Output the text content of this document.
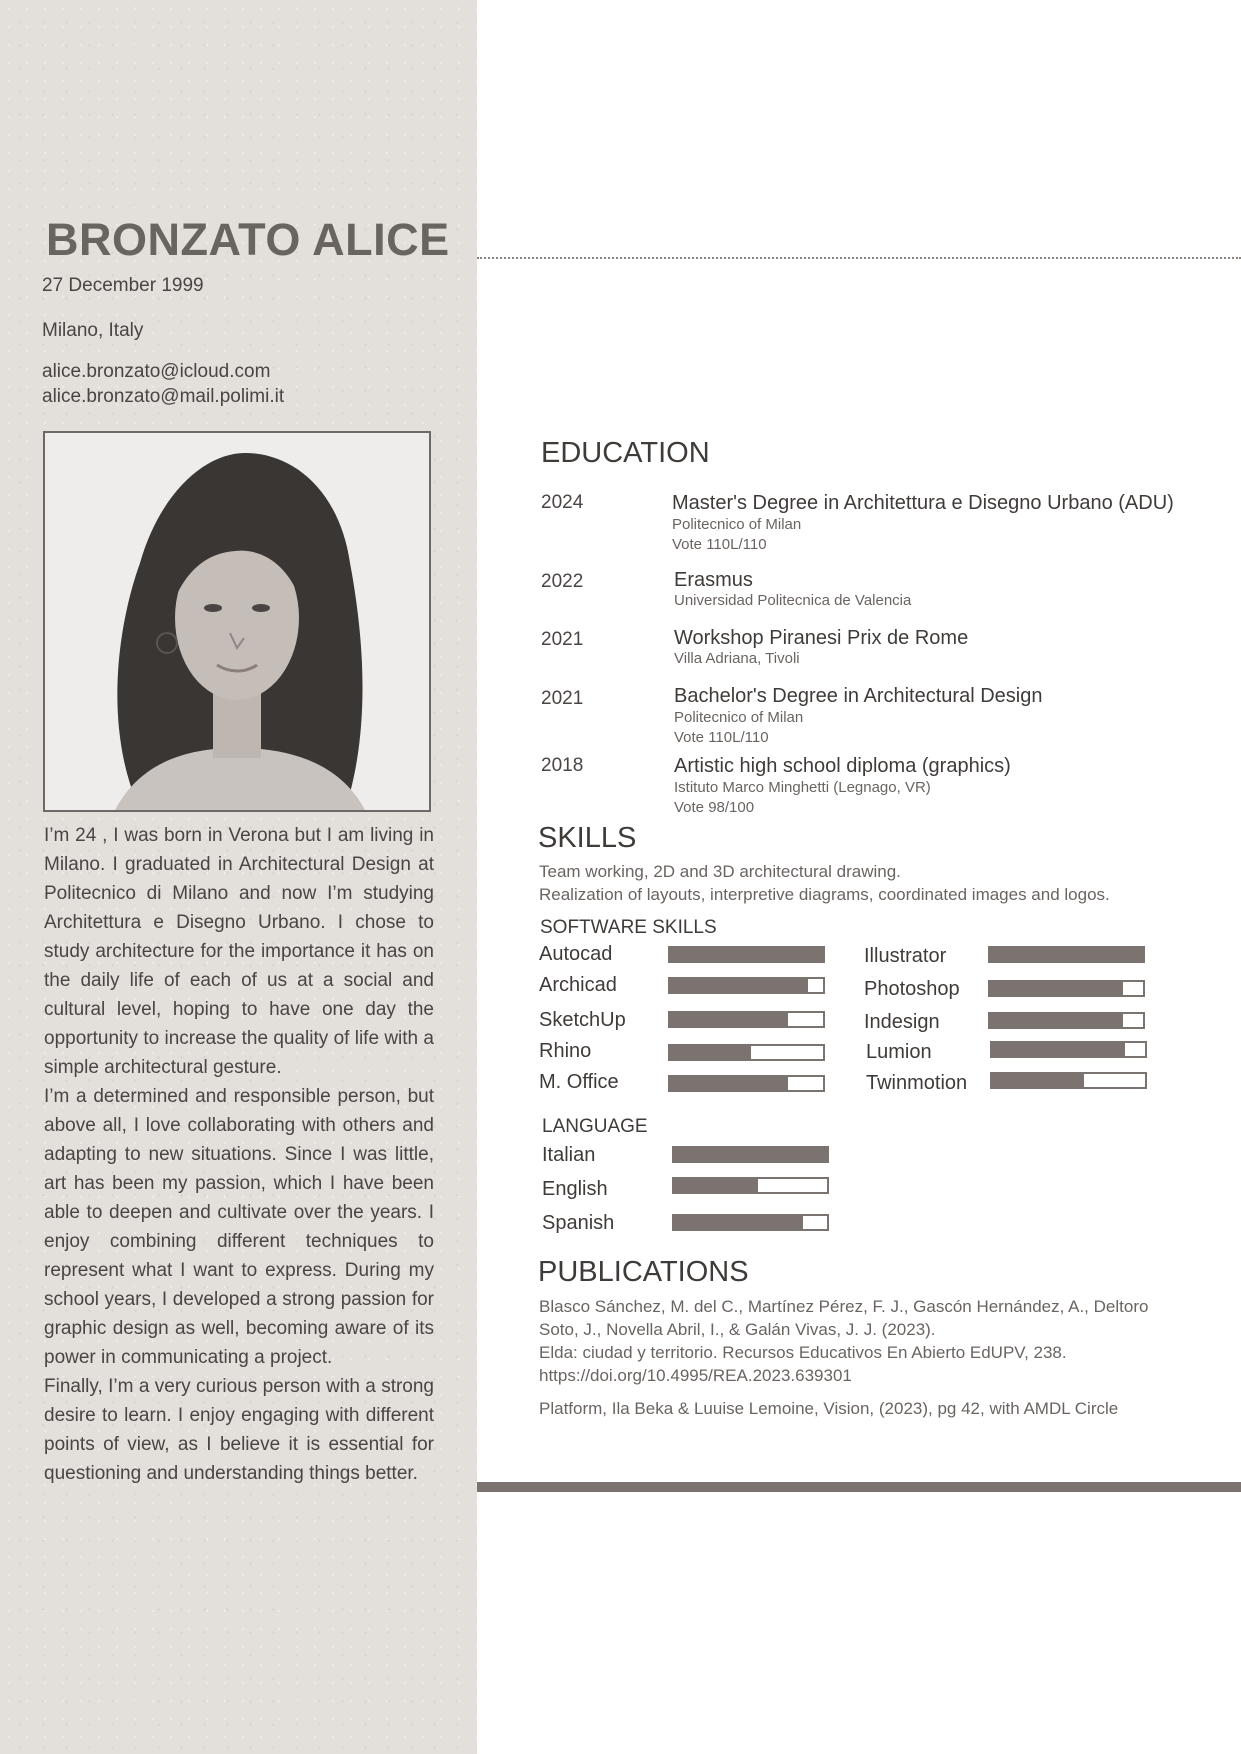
BRONZATO ALICE
27 December 1999
Milano, Italy
alice.bronzato@icloud.com
alice.bronzato@mail.polimi.it

I’m 24 , I was born in Verona but I am living in Milano. I graduated in Architectural Design at Politecnico di Milano and now I’m studying Architettura e Disegno Urbano. I chose to study architecture for the importance it has on the daily life of each of us at a social and cultural level, hoping to have one day the opportunity to increase the quality of life with a simple architectural gesture.

I’m a determined and responsible person, but above all, I love collaborating with others and adapting to new situations. Since I was little, art has been my passion, which I have been able to deepen and cultivate over the years. I enjoy combining different techniques to represent what I want to express. During my school years, I developed a strong passion for graphic design as well, becoming aware of its power in communicating a project.

Finally, I’m a very curious person with a strong desire to learn. I enjoy engaging with different points of view, as I believe it is essential for questioning and understanding things better.

EDUCATION
2024	Master's Degree in Architettura e Disegno Urbano (ADU)
Politecnico of Milan
Vote 110L/110
2022	Erasmus
Universidad Politecnica de Valencia
2021	Workshop Piranesi Prix de Rome
Villa Adriana, Tivoli
2021	Bachelor's Degree in Architectural Design
Politecnico of Milan
Vote 110L/110
2018	Artistic high school diploma (graphics)
Istituto Marco Minghetti (Legnago, VR)
Vote 98/100
SKILLS
Team working, 2D and 3D architectural drawing.
Realization of layouts, interpretive diagrams, coordinated images and logos.
SOFTWARE SKILLS
Autocad
Archicad
SketchUp
Rhino
M. Office
Illustrator
Photoshop
Indesign
Lumion
Twinmotion
LANGUAGE
Italian
English
Spanish
PUBLICATIONS
Blasco Sánchez, M. del C., Martínez Pérez, F. J., Gascón Hernández, A., Deltoro
Soto, J., Novella Abril, I., & Galán Vivas, J. J. (2023).
Elda: ciudad y territorio. Recursos Educativos En Abierto EdUPV, 238.
https://doi.org/10.4995/REA.2023.639301
Platform, Ila Beka & Luuise Lemoine, Vision, (2023), pg 42, with AMDL Circle
